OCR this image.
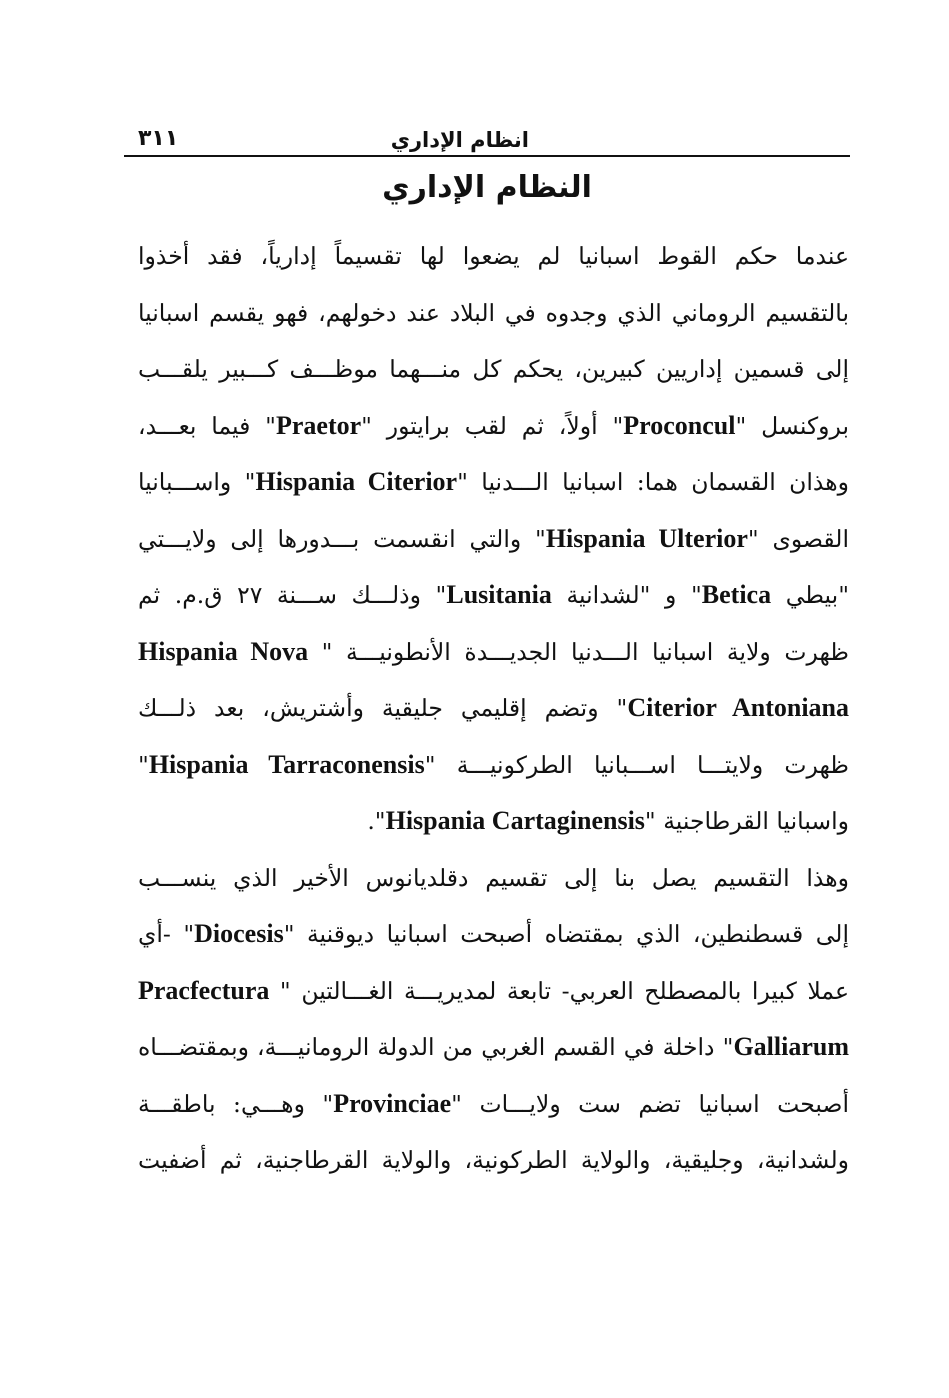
انظام الإداري
٣١١
النظام الإداري
عندما حكم القوط اسبانيا لم يضعوا لها تقسيماً إدارياً، فقد أخذوا
بالتقسيم الروماني الذي وجدوه في البلاد عند دخولهم، فهو يقسم اسبانيا
إلى قسمين إداريين كبيرين، يحكم كل منـــهما موظـــف كـــبير يلقـــب
بروكنسل "Proconcul" أولاً، ثم لقب برايتور "Praetor" فيما بعـــد،
وهذان القسمان هما: اسبانيا الـــدنيا "Hispania Citerior" واســـبانيا
القصوى "Hispania Ulterior" والتي انقسمت بـــدورها إلى ولايـــتي
"بيطي Betica" و "لشدانية Lusitania" وذلـــك ســـنة ٢٧ ق.م. ثم
ظهرت ولاية اسبانيا الـــدنيا الجديـــدة الأنطونيـــة " Hispania Nova
Citerior Antoniana" وتضم إقليمي جليقية وأشتريش، بعد ذلـــك
ظهرت ولايتـــا اســـبانيا الطركونيـــة "Hispania Tarraconensis"
واسبانيا القرطاجنية "Hispania Cartaginensis".
وهذا التقسيم يصل بنا إلى تقسيم دقلديانوس الأخير الذي ينســـب
إلى قسطنطين، الذي بمقتضاه أصبحت اسبانيا ديوقنية "Diocesis" -أي
عملا كبيرا بالمصطلح العربي- تابعة لمديريـــة الغـــالتين " Pracfectura
Galliarum" داخلة في القسم الغربي من الدولة الرومانيـــة، وبمقتضـــاه
أصبحت اسبانيا تضم ست ولايـــات "Provinciae" وهـــي: باطقـــة
ولشدانية، وجليقية، والولاية الطركونية، والولاية القرطاجنية، ثم أضفيت
